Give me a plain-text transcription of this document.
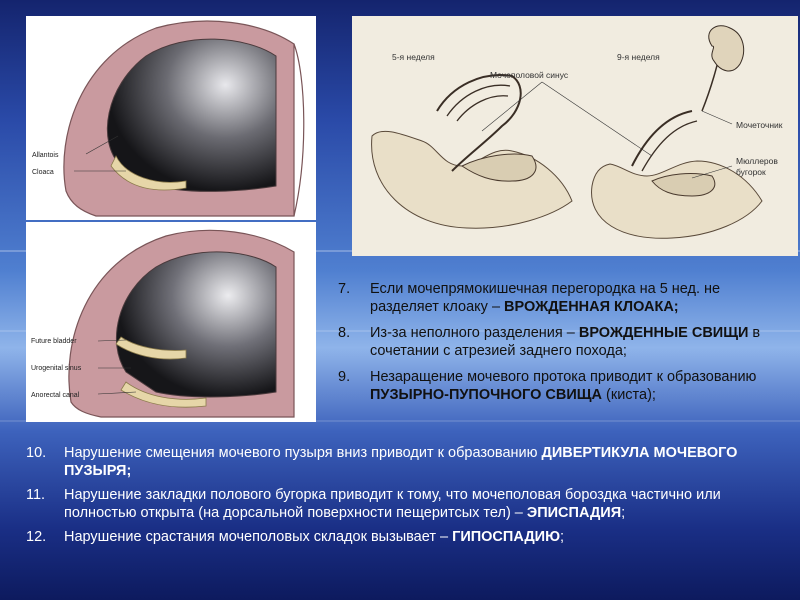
Allantois
Cloaca
Future bladder
Urogenital sinus
Anorectal canal
5-я неделя	9-я неделя
Мочеполовой синус
Мочеточник
Мюллеров
бугорок
7.	Если мочепрямокишечная перегородка на 5 нед. не разделяет клоаку – ВРОЖДЕННАЯ КЛОАКА;
8.	Из-за неполного разделения – ВРОЖДЕННЫЕ СВИЩИ в сочетании с атрезией заднего похода;
9.	Незаращение мочевого протока приводит к образованию ПУЗЫРНО-ПУПОЧНОГО СВИЩА (киста);
10.	Нарушение смещения мочевого пузыря вниз приводит к образованию ДИВЕРТИКУЛА МОЧЕВОГО ПУЗЫРЯ;
11.	Нарушение закладки полового бугорка приводит к тому, что мочеполовая бороздка частично или полностью открыта (на дорсальной поверхности пещеритсых тел) – ЭПИСПАДИЯ;
12.	Нарушение срастания мочеполовых складок вызывает – ГИПОСПАДИЮ;
